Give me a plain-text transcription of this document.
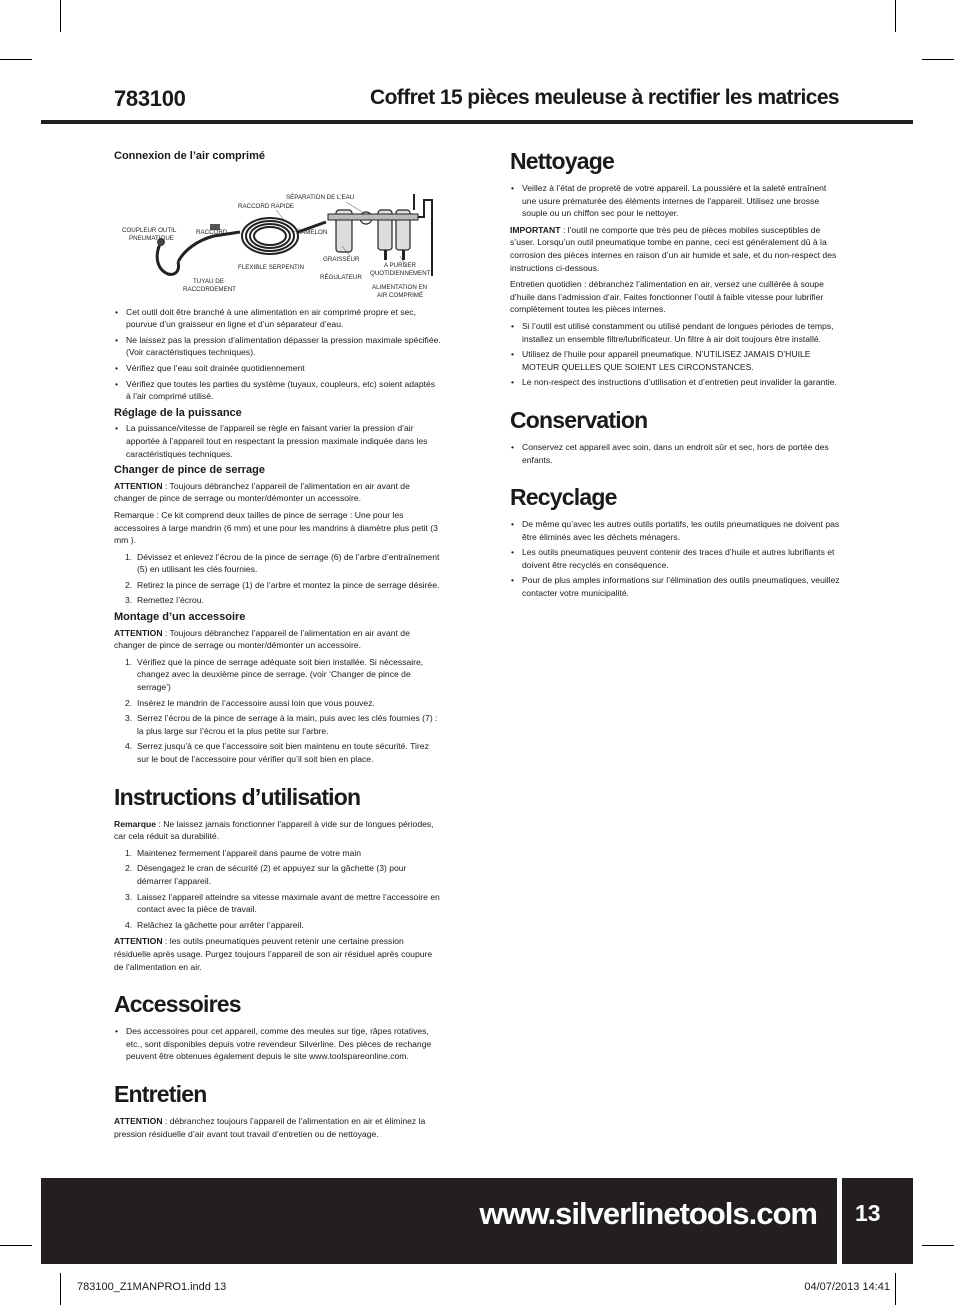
783100	Coffret 15 pièces meuleuse à rectifier les matrices
Connexion de l’air comprimé
SÉPARATION DE L’EAU
RACCORD RAPIDE
COUPLEUR OUTIL
PNEUMATIQUE
RACCORD	MAMELON
GRAISSEUR
FLEXIBLE SERPENTIN	A PURGER
QUOTIDIENNEMENT
RÉGULATEUR
TUYAU DE
RACCORDEMENT	ALIMENTATION EN
AIR COMPRIMÉ
• Cet outil doit être branché à une alimentation en air comprimé propre et sec, pourvue d’un graisseur en ligne et d’un séparateur d’eau.
• Ne laissez pas la pression d’alimentation dépasser la pression maximale spécifiée. (Voir caractéristiques techniques).
• Vérifiez que l’eau soit drainée quotidiennement
• Vérifiez que toutes les parties du système (tuyaux, coupleurs, etc) soient adaptés à l’air comprimé utilisé.
Réglage de la puissance
• La puissance/vitesse de l’appareil se règle en faisant varier la pression d’air apportée à l’appareil tout en respectant la pression maximale indiquée dans les caractéristiques techniques.
Changer de pince de serrage

ATTENTION : Toujours débranchez l’appareil de l’alimentation en air avant de changer de pince de serrage ou monter/démonter un accessoire.

Remarque : Ce kit comprend deux tailles de pince de serrage : Une pour les accessoires à large mandrin (6 mm) et une pour les mandrins à diamètre plus petit (3 mm ).

1. Dévissez et enlevez l’écrou de la pince de serrage (6) de l’arbre d’entraînement (5) en utilisant les clés fournies.
2. Retirez la pince de serrage (1) de l’arbre et montez la pince de serrage désirée.
3. Remettez l’écrou.
Montage d’un accessoire

ATTENTION : Toujours débranchez l’appareil de l’alimentation en air avant de changer de pince de serrage ou monter/démonter un accessoire.

1. Vérifiez que la pince de serrage adéquate soit bien installée. Si nécessaire, changez avec la deuxième pince de serrage. (voir ‘Changer de pince de serrage’)
2. Insérez le mandrin de l’accessoire aussi loin que vous pouvez.
3. Serrez l’écrou de la pince de serrage à la main, puis avec les clés fournies (7) : la plus large sur l’écrou et la plus petite sur l’arbre.
4. Serrez jusqu’à ce que l’accessoire soit bien maintenu en toute sécurité. Tirez sur le bout de l’accessoire pour vérifier qu’il soit bien en place.
Instructions d’utilisation

Remarque : Ne laissez jamais fonctionner l’appareil à vide sur de longues périodes, car cela réduit sa durabilité.

1. Maintenez fermement l’appareil dans paume de votre main
2. Désengagez le cran de sécurité (2) et appuyez sur la gâchette (3) pour démarrer l’appareil.
3. Laissez l’appareil atteindre sa vitesse maximale avant de mettre l’accessoire en contact avec la pièce de travail.
4. Relâchez la gâchette pour arrêter l’appareil.

ATTENTION : les outils pneumatiques peuvent retenir une certaine pression résiduelle après usage. Purgez toujours l’appareil de son air résiduel après coupure de l’alimentation en air.

Accessoires
• Des accessoires pour cet appareil, comme des meules sur tige, râpes rotatives, etc., sont disponibles depuis votre revendeur Silverline. Des pièces de rechange peuvent être obtenues également depuis le site www.toolspareonline.com.
Entretien

ATTENTION : débranchez toujours l’appareil de l’alimentation en air et éliminez la pression résiduelle d’air avant tout travail d’entretien ou de nettoyage.

Nettoyage
• Veillez à l’état de propreté de votre appareil. La poussière et la saleté entraînent une usure prématurée des éléments internes de l’appareil. Utilisez une brosse souple ou un chiffon sec pour le nettoyer.

IMPORTANT : l’outil ne comporte que très peu de pièces mobiles susceptibles de s’user. Lorsqu’un outil pneumatique tombe en panne, ceci est généralement dû à la corrosion des pièces internes en raison d’un air humide et sale, et du non-respect des instructions ci-dessous.

Entretien quotidien : débranchez l’alimentation en air, versez une cuillérée à soupe d’huile dans l’admission d’air. Faites fonctionner l’outil à faible vitesse pour lubrifier complètement toutes les pièces internes.

• Si l’outil est utilisé constamment ou utilisé pendant de longues périodes de temps, installez un ensemble filtre/lubrificateur. Un filtre à air doit toujours être installé.
• Utilisez de l’huile pour appareil pneumatique. N’UTILISEZ JAMAIS D’HUILE MOTEUR QUELLES QUE SOIENT LES CIRCONSTANCES.
• Le non-respect des instructions d’utilisation et d’entretien peut invalider la garantie.
Conservation
• Conservez cet appareil avec soin, dans un endroit sûr et sec, hors de portée des enfants.
Recyclage
• De même qu’avec les autres outils portatifs, les outils pneumatiques ne doivent pas être éliminés avec les déchets ménagers.
• Les outils pneumatiques peuvent contenir des traces d’huile et autres lubrifiants et doivent être recyclés en conséquence.
• Pour de plus amples informations sur l’élimination des outils pneumatiques, veuillez contacter votre municipalité.
www.silverlinetools.com 13
783100_Z1MANPRO1.indd 13	04/07/2013 14:41
